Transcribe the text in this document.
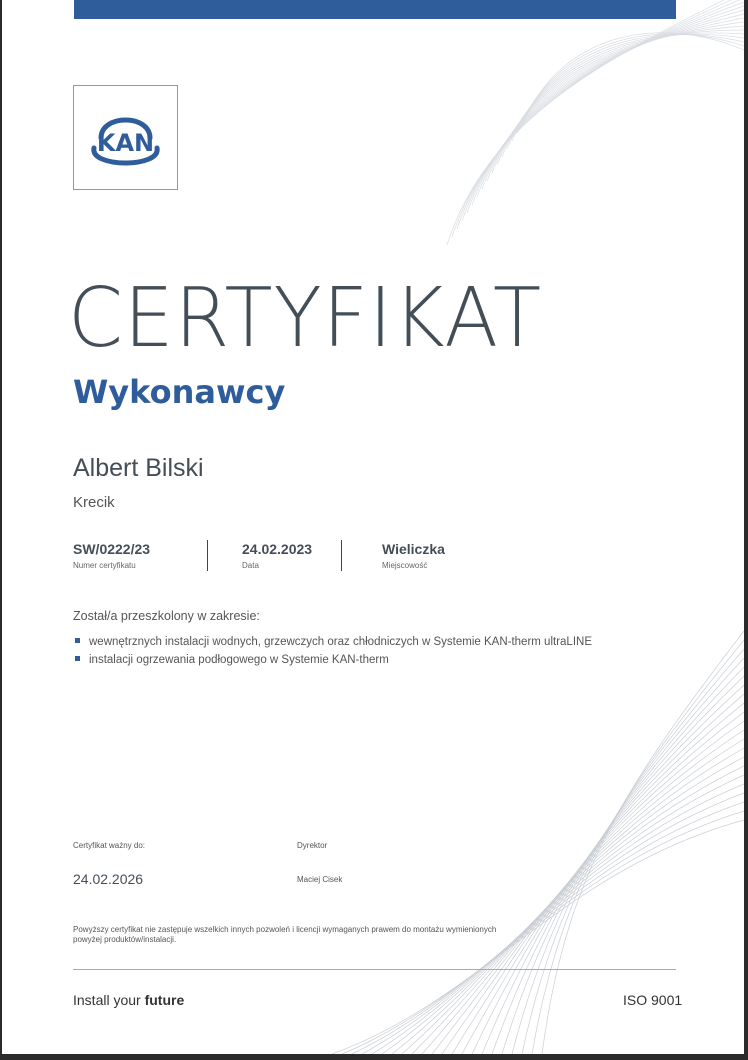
KAN
CERTYFIKAT
Wykonawcy
Albert Bilski
Krecik
SW/0222/23
Numer certyfikatu
24.02.2023
Data
Wieliczka
Miejscowość
Został/a przeszkolony w zakresie:
wewnętrznych instalacji wodnych, grzewczych oraz chłodniczych w Systemie KAN-therm ultraLINE
instalacji ogrzewania podłogowego w Systemie KAN-therm
Certyfikat ważny do:
24.02.2026
Dyrektor
Maciej Cisek
Powyższy certyfikat nie zastępuje wszelkich innych pozwoleń i licencji wymaganych prawem do montażu wymienionych powyżej produktów/instalacji.
Install your future	ISO 9001
